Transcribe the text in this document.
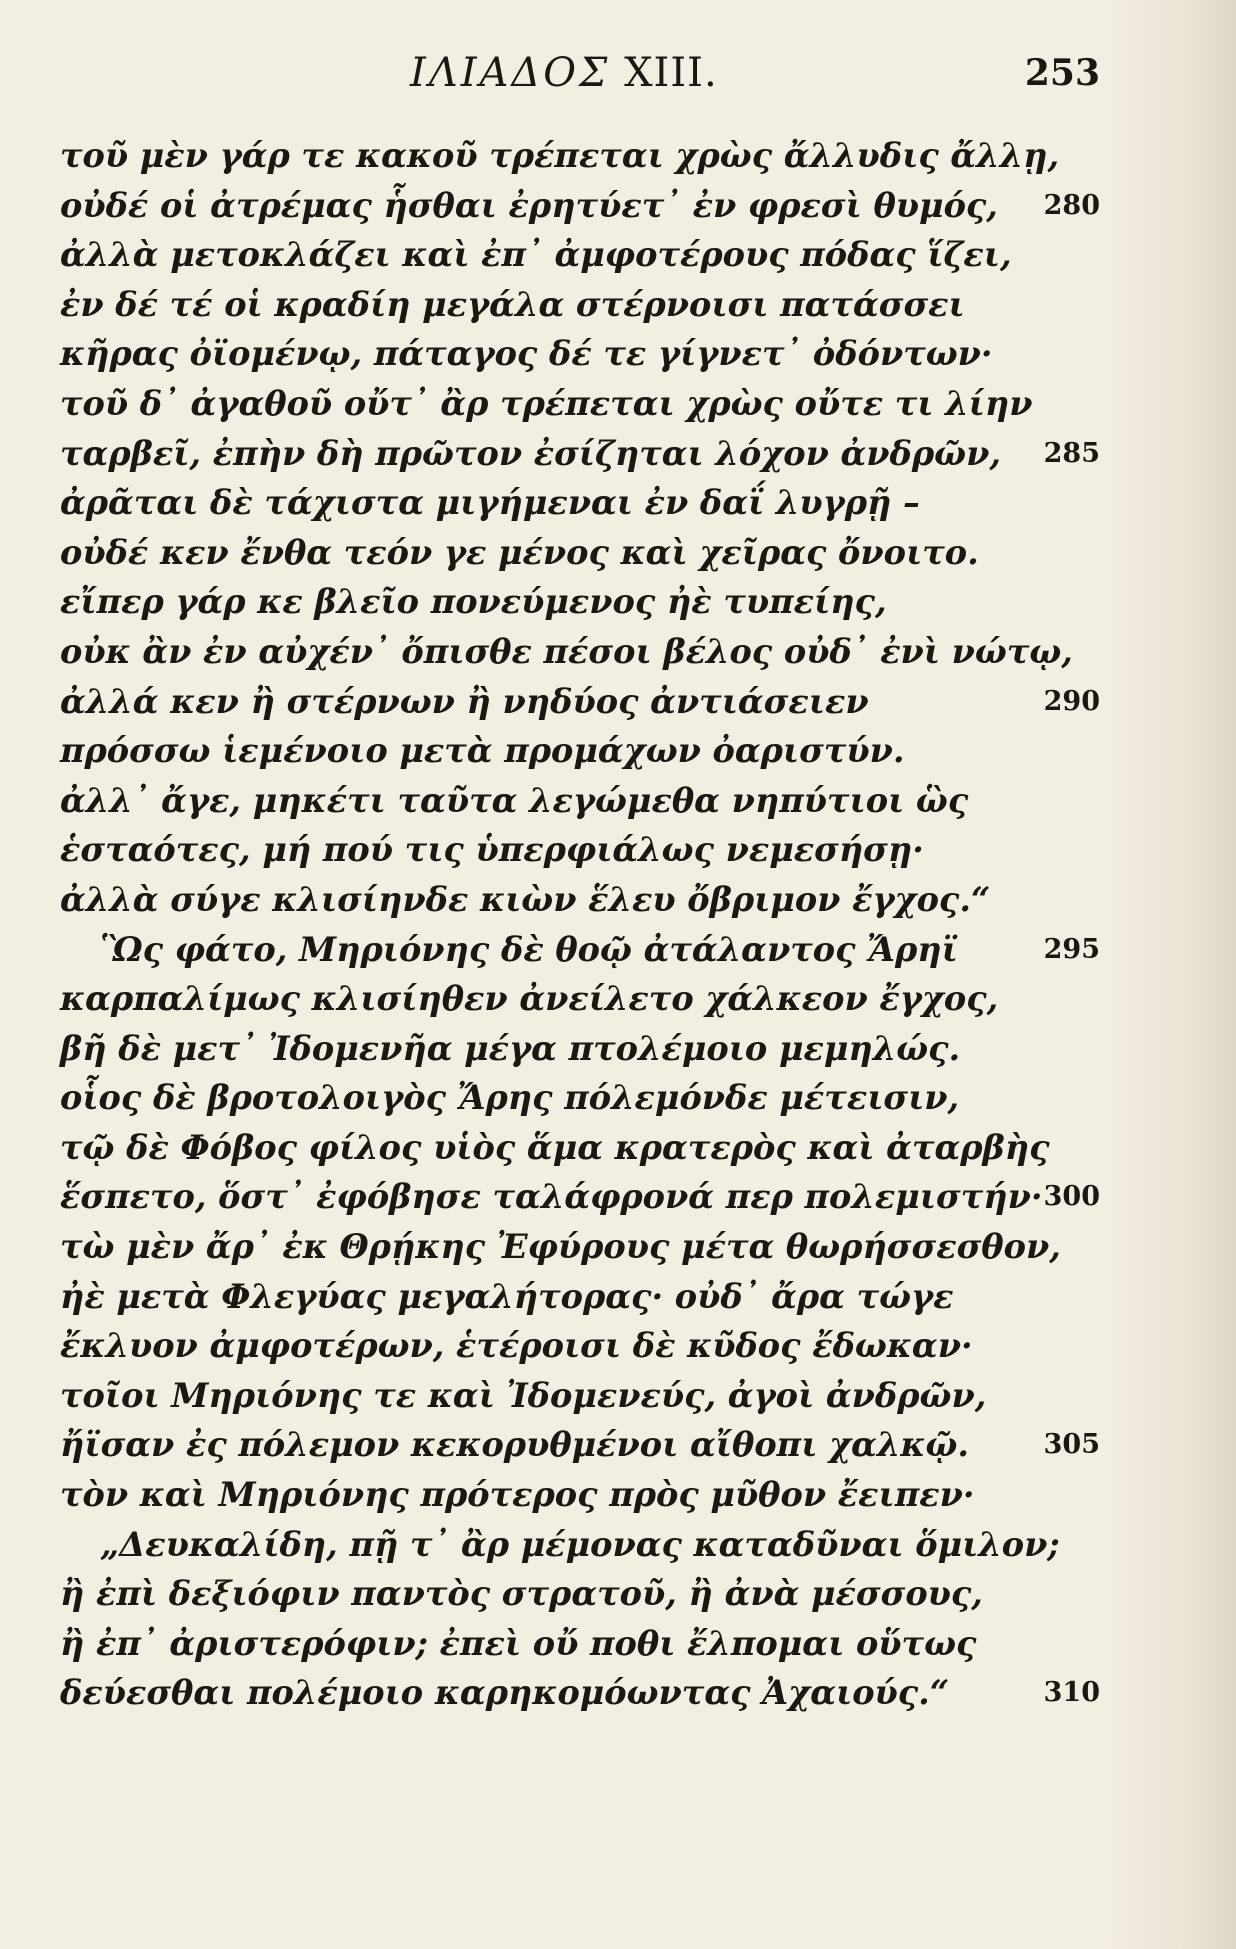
ΙΛΙΑΔΟΣ XIII.	253
τοῦ μὲν γάρ τε κακοῦ τρέπεται χρὼς ἄλλυδις ἄλλῃ,
οὐδέ οἱ ἀτρέμας ἧσθαι ἐρητύετ᾽ ἐν φρεσὶ θυμός, 280
ἀλλὰ μετοκλάζει καὶ ἐπ᾽ ἀμφοτέρους πόδας ἵζει,
ἐν δέ τέ οἱ κραδίη μεγάλα στέρνοισι πατάσσει
κῆρας ὀϊομένῳ, πάταγος δέ τε γίγνετ᾽ ὀδόντων·
τοῦ δ᾽ ἀγαθοῦ οὔτ᾽ ἂρ τρέπεται χρὼς οὔτε τι λίην
ταρβεῖ, ἐπὴν δὴ πρῶτον ἐσίζηται λόχον ἀνδρῶν, 285
ἀρᾶται δὲ τάχιστα μιγήμεναι ἐν δαΐ λυγρῇ –
οὐδέ κεν ἔνθα τεόν γε μένος καὶ χεῖρας ὄνοιτο.
εἴπερ γάρ κε βλεῖο πονεύμενος ἠὲ τυπείης,
οὐκ ἂν ἐν αὐχέν᾽ ὄπισθε πέσοι βέλος οὐδ᾽ ἐνὶ νώτῳ,
ἀλλά κεν ἢ στέρνων ἢ νηδύος ἀντιάσειεν	290
πρόσσω ἱεμένοιο μετὰ προμάχων ὀαριστύν.
ἀλλ᾽ ἄγε, μηκέτι ταῦτα λεγώμεθα νηπύτιοι ὣς
ἑσταότες, μή πού τις ὑπερφιάλως νεμεσήσῃ·
ἀλλὰ σύγε κλισίηνδε κιὼν ἕλευ ὄβριμον ἔγχος.“
Ὣς φάτο, Μηριόνης δὲ θοῷ ἀτάλαντος Ἄρηϊ	295
καρπαλίμως κλισίηθεν ἀνείλετο χάλκεον ἔγχος,
βῆ δὲ μετ᾽ Ἰδομενῆα μέγα πτολέμοιο μεμηλώς.
οἷος δὲ βροτολοιγὸς Ἄρης πόλεμόνδε μέτεισιν,
τῷ δὲ Φόβος φίλος υἱὸς ἅμα κρατερὸς καὶ ἀταρβὴς
ἕσπετο, ὅστ᾽ ἐφόβησε ταλάφρονά περ πολεμιστήν· 300
τὼ μὲν ἄρ᾽ ἐκ Θρῄκης Ἐφύρους μέτα θωρήσσεσθον,
ἠὲ μετὰ Φλεγύας μεγαλήτορας· οὐδ᾽ ἄρα τώγε
ἔκλυον ἀμφοτέρων, ἑτέροισι δὲ κῦδος ἔδωκαν·
τοῖοι Μηριόνης τε καὶ Ἰδομενεύς, ἀγοὶ ἀνδρῶν,
ἤϊσαν ἐς πόλεμον κεκορυθμένοι αἴθοπι χαλκῷ.	305
τὸν καὶ Μηριόνης πρότερος πρὸς μῦθον ἔειπεν·
„Δευκαλίδη, πῇ τ᾽ ἂρ μέμονας καταδῦναι ὅμιλον;
ἢ ἐπὶ δεξιόφιν παντὸς στρατοῦ, ἢ ἀνὰ μέσσους,
ἢ ἐπ᾽ ἀριστερόφιν; ἐπεὶ οὔ ποθι ἔλπομαι οὕτως
δεύεσθαι πολέμοιο καρηκομόωντας Ἀχαιούς.“	310
